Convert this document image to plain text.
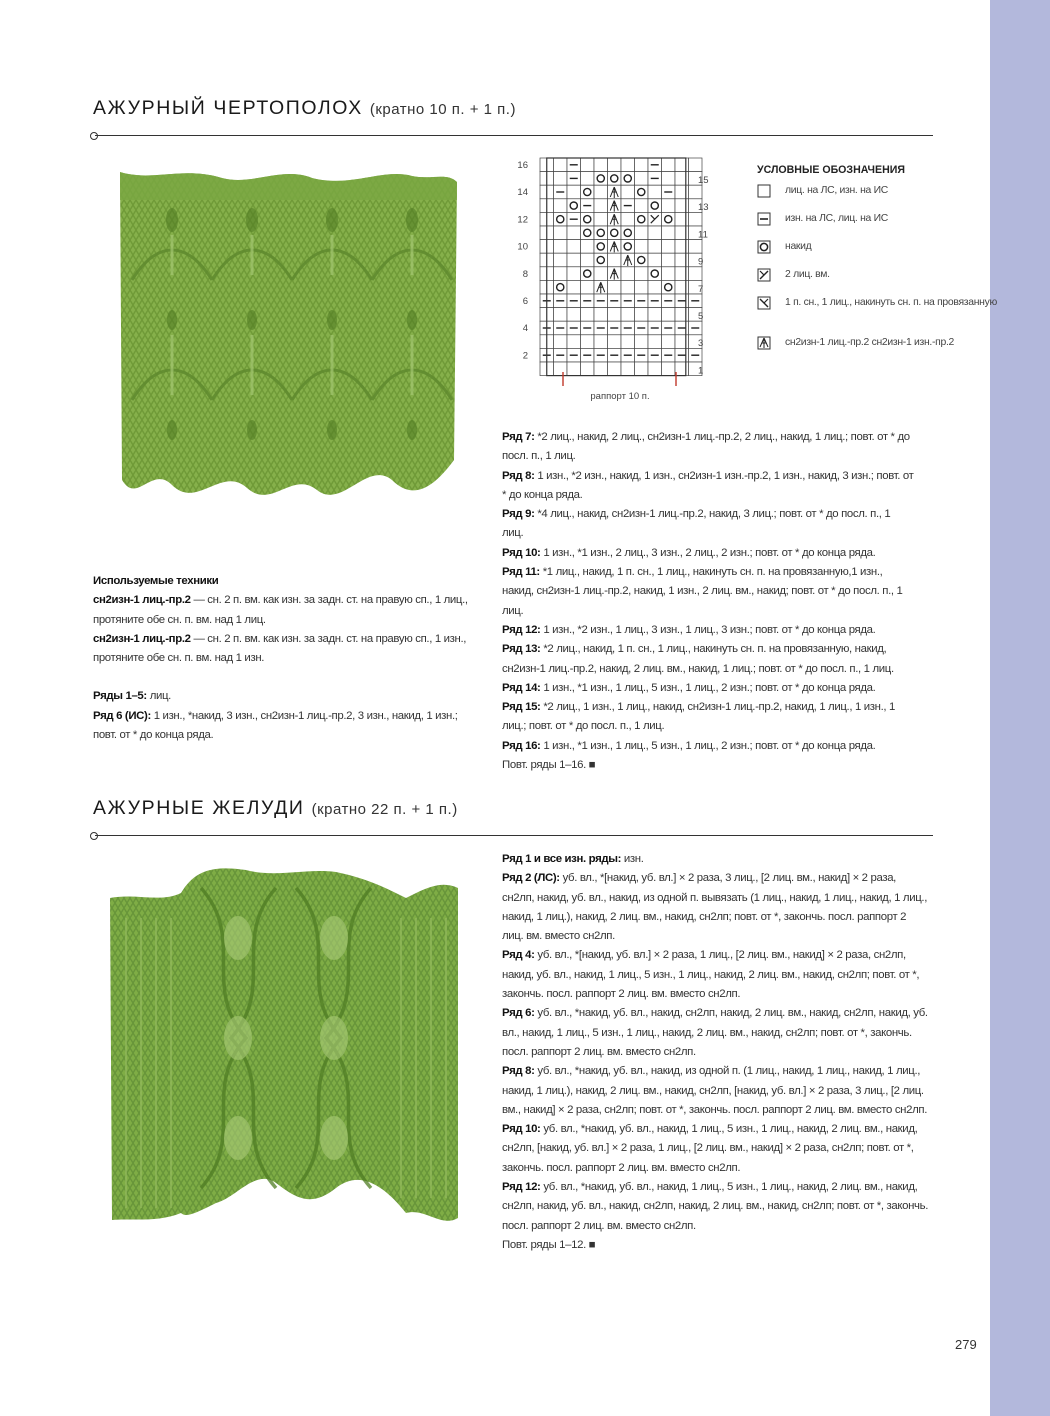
АЖУРНЫЙ ЧЕРТОПОЛОХ (кратно 10 п. + 1 п.)
16
14
12
10
8
6
4
2
15
13
11
9
7
5
3
1
раппорт 10 п.
УСЛОВНЫЕ ОБОЗНАЧЕНИЯ
лиц. на ЛС, изн. на ИС
изн. на ЛС, лиц. на ИС
накид
2 лиц. вм.
1 п. сн., 1 лиц., накинуть сн. п. на провязанную
сн2изн-1 лиц.-пр.2 сн2изн-1 изн.-пр.2
Используемые техники
сн2изн-1 лиц.-пр.2 — сн. 2 п. вм. как изн. за задн. ст. на правую сп., 1 лиц., протяните обе сн. п. вм. над 1 лиц.
сн2изн-1 лиц.-пр.2 — сн. 2 п. вм. как изн. за задн. ст. на правую сп., 1 изн., протяните обе сн. п. вм. над 1 изн.
Ряды 1–5: лиц.
Ряд 6 (ИС): 1 изн., *накид, 3 изн., сн2изн-1 лиц.-пр.2, 3 изн., накид, 1 изн.; повт. от * до конца ряда.
Ряд 7: *2 лиц., накид, 2 лиц., сн2изн-1 лиц.-пр.2, 2 лиц., накид, 1 лиц.; повт. от * до посл. п., 1 лиц.
Ряд 8: 1 изн., *2 изн., накид, 1 изн., сн2изн-1 изн.-пр.2, 1 изн., накид, 3 изн.; повт. от * до конца ряда.
Ряд 9: *4 лиц., накид, сн2изн-1 лиц.-пр.2, накид, 3 лиц.; повт. от * до посл. п., 1 лиц.
Ряд 10: 1 изн., *1 изн., 2 лиц., 3 изн., 2 лиц., 2 изн.; повт. от * до конца ряда.
Ряд 11: *1 лиц., накид, 1 п. сн., 1 лиц., накинуть сн. п. на провязанную,1 изн., накид, сн2изн-1 лиц.-пр.2, накид, 1 изн., 2 лиц. вм., накид; повт. от * до посл. п., 1 лиц.
Ряд 12: 1 изн., *2 изн., 1 лиц., 3 изн., 1 лиц., 3 изн.; повт. от * до конца ряда.
Ряд 13: *2 лиц., накид, 1 п. сн., 1 лиц., накинуть сн. п. на провязанную, накид, сн2изн-1 лиц.-пр.2, накид, 2 лиц. вм., накид, 1 лиц.; повт. от * до посл. п., 1 лиц.
Ряд 14: 1 изн., *1 изн., 1 лиц., 5 изн., 1 лиц., 2 изн.; повт. от * до конца ряда.
Ряд 15: *2 лиц., 1 изн., 1 лиц., накид, сн2изн-1 лиц.-пр.2, накид, 1 лиц., 1 изн., 1 лиц.; повт. от * до посл. п., 1 лиц.
Ряд 16: 1 изн., *1 изн., 1 лиц., 5 изн., 1 лиц., 2 изн.; повт. от * до конца ряда.
Повт. ряды 1–16. ■
АЖУРНЫЕ ЖЕЛУДИ (кратно 22 п. + 1 п.)
Ряд 1 и все изн. ряды: изн.
Ряд 2 (ЛС): уб. вл., *[накид, уб. вл.] × 2 раза, 3 лиц., [2 лиц. вм., накид] × 2 раза, сн2лп, накид, уб. вл., накид, из одной п. вывязать (1 лиц., накид, 1 лиц., накид, 1 лиц., накид, 1 лиц.), накид, 2 лиц. вм., накид, сн2лп; повт. от *, закончь. посл. раппорт 2 лиц. вм. вместо сн2лп.
Ряд 4: уб. вл., *[накид, уб. вл.] × 2 раза, 1 лиц., [2 лиц. вм., накид] × 2 раза, сн2лп, накид, уб. вл., накид, 1 лиц., 5 изн., 1 лиц., накид, 2 лиц. вм., накид, сн2лп; повт. от *, закончь. посл. раппорт 2 лиц. вм. вместо сн2лп.
Ряд 6: уб. вл., *накид, уб. вл., накид, сн2лп, накид, 2 лиц. вм., накид, сн2лп, накид, уб. вл., накид, 1 лиц., 5 изн., 1 лиц., накид, 2 лиц. вм., накид, сн2лп; повт. от *, закончь. посл. раппорт 2 лиц. вм. вместо сн2лп.
Ряд 8: уб. вл., *накид, уб. вл., накид, из одной п. (1 лиц., накид, 1 лиц., накид, 1 лиц., накид, 1 лиц.), накид, 2 лиц. вм., накид, сн2лп, [накид, уб. вл.] × 2 раза, 3 лиц., [2 лиц. вм., накид] × 2 раза, сн2лп; повт. от *, закончь. посл. раппорт 2 лиц. вм. вместо сн2лп.
Ряд 10: уб. вл., *накид, уб. вл., накид, 1 лиц., 5 изн., 1 лиц., накид, 2 лиц. вм., накид, сн2лп, [накид, уб. вл.] × 2 раза, 1 лиц., [2 лиц. вм., накид] × 2 раза, сн2лп; повт. от *, закончь. посл. раппорт 2 лиц. вм. вместо сн2лп.
Ряд 12: уб. вл., *накид, уб. вл., накид, 1 лиц., 5 изн., 1 лиц., накид, 2 лиц. вм., накид, сн2лп, накид, уб. вл., накид, сн2лп, накид, 2 лиц. вм., накид, сн2лп; повт. от *, закончь. посл. раппорт 2 лиц. вм. вместо сн2лп.
Повт. ряды 1–12. ■
279
